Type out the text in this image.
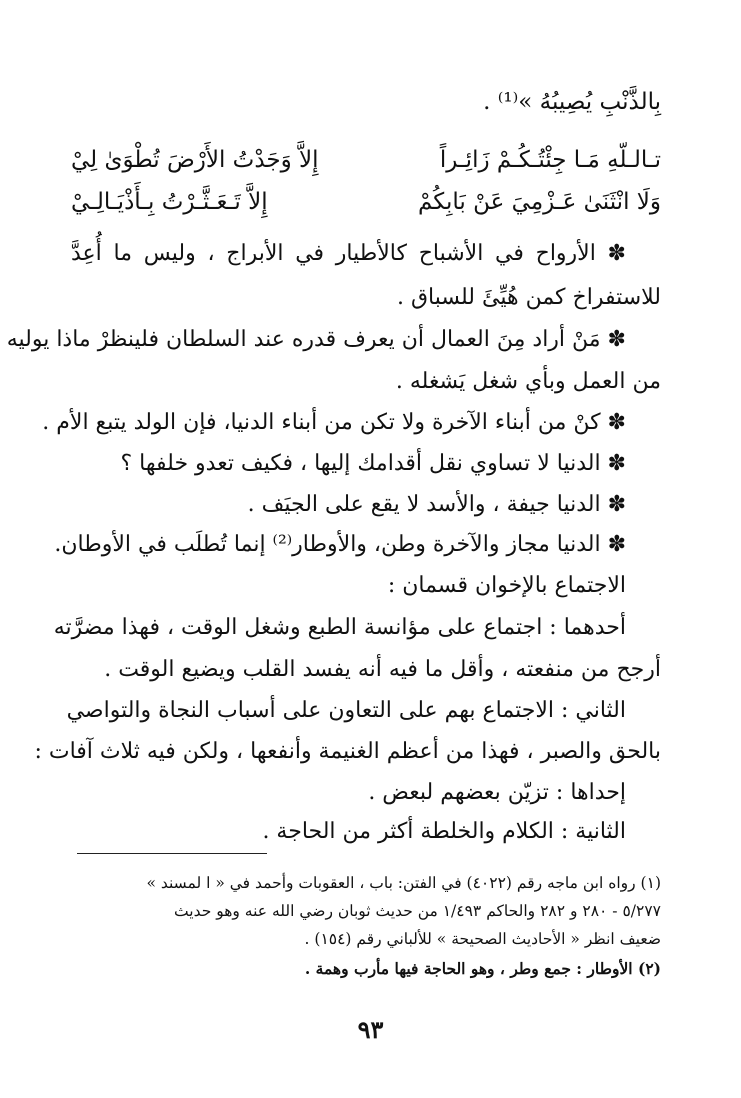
بِالذَّنْبِ يُصِيبُهُ »⁽¹⁾ .
تـالـلّهِ مَـا جِئْتُـكُـمْ زَائِـراً
إِلاَّ وَجَدْتُ الأَرْضَ تُطْوَىٰ لِيْ
وَلَا انْثَنَىٰ عَـزْمِيَ عَنْ بَابِكُمْ
إِلاَّ تَـعَـثَّـرْتُ بِـأَذْيَـالِـيْ
✽ الأرواح في الأشباح كالأطيار في الأبراج ، وليس ما أُعِدَّ
للاستفراخ كمن هُيِّئَ للسباق .
✽ مَنْ أراد مِنَ العمال أن يعرف قدره عند السلطان فلينظرْ ماذا يوليه
من العمل وبأي شغل يَشغله .
✽ كنْ من أبناء الآخرة ولا تكن من أبناء الدنيا، فإن الولد يتبع الأم .
✽ الدنيا لا تساوي نقل أقدامك إليها ، فكيف تعدو خلفها ؟
✽ الدنيا جيفة ، والأسد لا يقع على الجيَف .
✽ الدنيا مجاز والآخرة وطن، والأوطار⁽²⁾ إنما تُطلَب في الأوطان.
الاجتماع بالإخوان قسمان :
أحدهما : اجتماع على مؤانسة الطبع وشغل الوقت ، فهذا مضرَّته
أرجح من منفعته ، وأقل ما فيه أنه يفسد القلب ويضيع الوقت .
الثاني : الاجتماع بهم على التعاون على أسباب النجاة والتواصي
بالحق والصبر ، فهذا من أعظم الغنيمة وأنفعها ، ولكن فيه ثلاث آفات :
إحداها : تزيّن بعضهم لبعض .
الثانية : الكلام والخلطة أكثر من الحاجة .
(١) رواه ابن ماجه رقم (٤٠٢٢) في الفتن: باب ، العقوبات وأحمد في « ا لمسند »
٥/٢٧٧ - ٢٨٠ و ٢٨٢ والحاكم ١/٤٩٣ من حديث ثوبان رضي الله عنه وهو حديث
ضعيف انظر « الأحاديث الصحيحة » للألباني رقم (١٥٤) .
(٢) الأوطار : جمع وطر ، وهو الحاجة فيها مأرب وهمة .
٩٣
